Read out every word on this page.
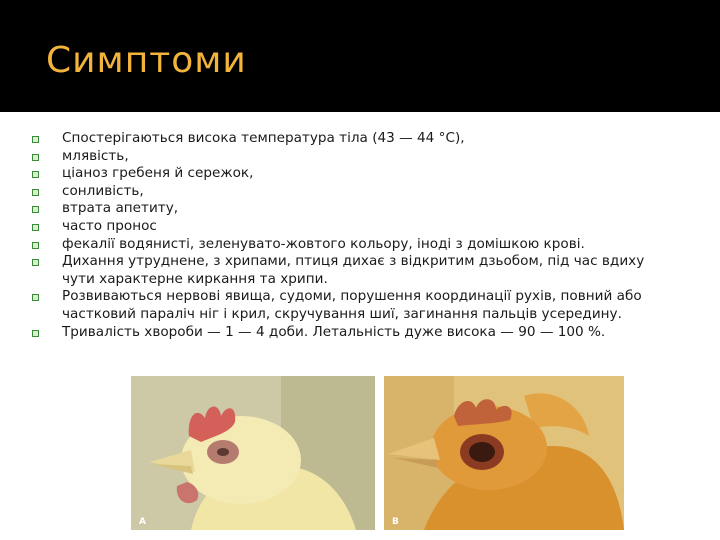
Симптоми
Спостерігаються висока температура тіла (43 — 44 °С),
млявість,
ціаноз гребеня й сережок,
сонливість,
втрата апетиту,
часто пронос
фекалії водянисті, зеленувато-жовтого кольору, іноді з домішкою крові.
Дихання утруднене, з хрипами, птиця дихає з відкритим дзьобом, під час вдиху чути характерне киркання та хрипи.
Розвиваються нервові явища, судоми, порушення координації рухів, повний або частковий параліч ніг і крил, скручування шиї, загинання пальців усередину.
Тривалість хвороби — 1 — 4 доби. Летальність дуже висока — 90 — 100 %.
A	B
